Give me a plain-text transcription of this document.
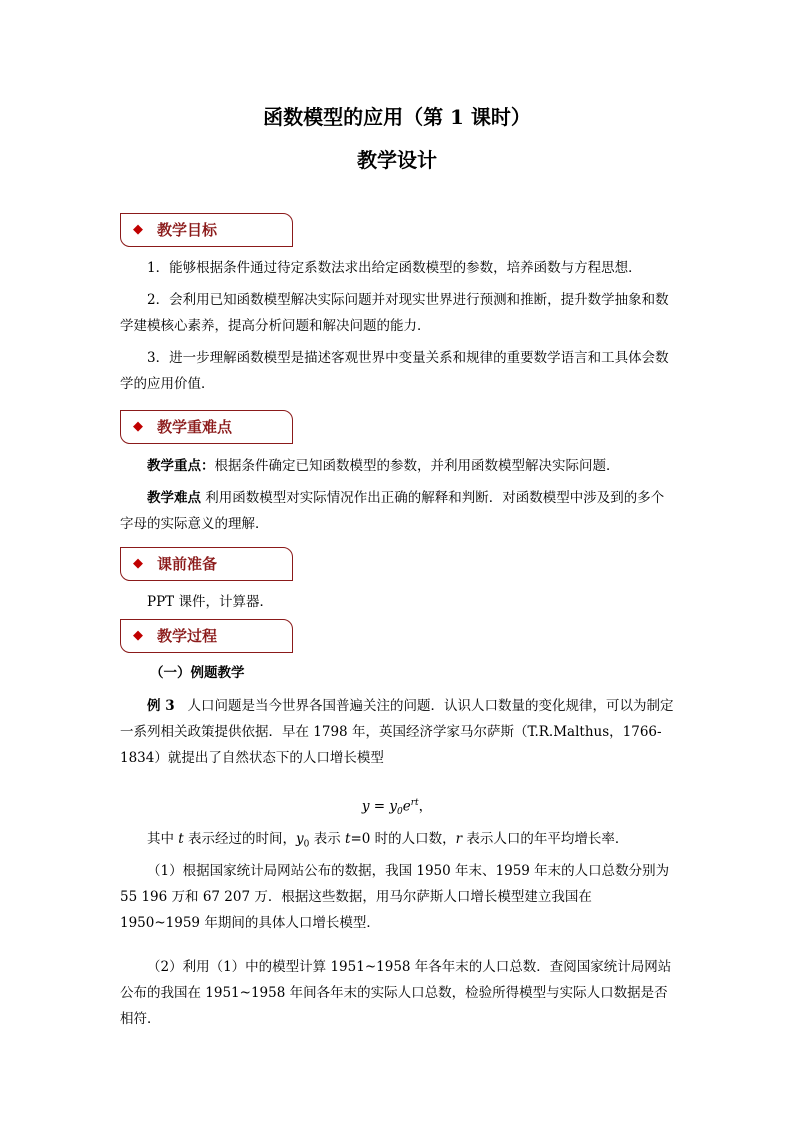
函数模型的应用（第 1 课时）
教学设计
◆ 教学目标
1．能够根据条件通过待定系数法求出给定函数模型的参数，培养函数与方程思想．
2．会利用已知函数模型解决实际问题并对现实世界进行预测和推断，提升数学抽象和数学建模核心素养，提高分析问题和解决问题的能力．
3．进一步理解函数模型是描述客观世界中变量关系和规律的重要数学语言和工具体会数学的应用价值．
◆ 教学重难点
教学重点：根据条件确定已知函数模型的参数，并利用函数模型解决实际问题．
教学难点 利用函数模型对实际情况作出正确的解释和判断．对函数模型中涉及到的多个字母的实际意义的理解．
◆ 课前准备
PPT 课件，计算器．
◆ 教学过程
（一）例题教学
例 3 人口问题是当今世界各国普遍关注的问题．认识人口数量的变化规律，可以为制定一系列相关政策提供依据．早在 1798 年，英国经济学家马尔萨斯（T.R.Malthus，1766-1834）就提出了自然状态下的人口增长模型
$y = y_0e^{rt}$，
其中 t 表示经过的时间，$y_0$ 表示 t=0 时的人口数，r 表示人口的年平均增长率．
（1）根据国家统计局网站公布的数据，我国 1950 年末、1959 年末的人口总数分别为 55 196 万和 67 207 万．根据这些数据，用马尔萨斯人口增长模型建立我国在 1950~1959 年期间的具体人口增长模型．
（2）利用（1）中的模型计算 1951~1958 年各年末的人口总数．查阅国家统计局网站公布的我国在 1951~1958 年间各年末的实际人口总数，检验所得模型与实际人口数据是否相符．
